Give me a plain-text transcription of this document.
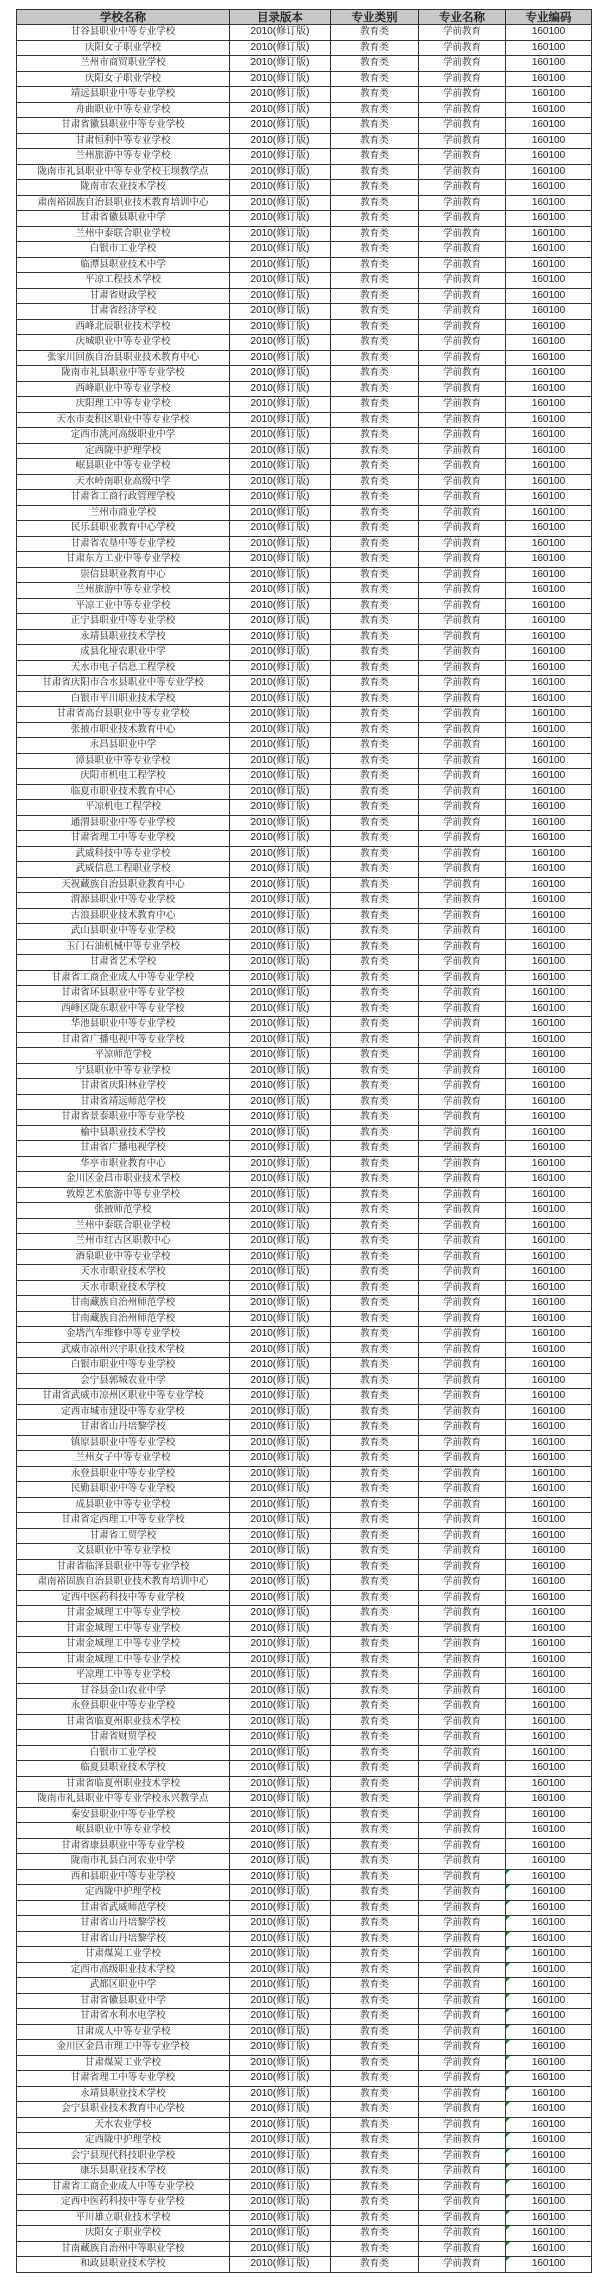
学校名称	目录版本	专业类别	专业名称	专业编码
甘谷县职业中等专业学校	2010(修订版)	教育类	学前教育	160100
庆阳女子职业学校	2010(修订版)	教育类	学前教育	160100
兰州市商贸职业学校	2010(修订版)	教育类	学前教育	160100
庆阳女子职业学校	2010(修订版)	教育类	学前教育	160100
靖远县职业中等专业学校	2010(修订版)	教育类	学前教育	160100
舟曲职业中等专业学校	2010(修订版)	教育类	学前教育	160100
甘肃省徽县职业中等专业学校	2010(修订版)	教育类	学前教育	160100
甘肃恒利中等专业学校	2010(修订版)	教育类	学前教育	160100
兰州旅游中等专业学校	2010(修订版)	教育类	学前教育	160100
陇南市礼县职业中等专业学校王坝教学点	2010(修订版)	教育类	学前教育	160100
陇南市农业技术学校	2010(修订版)	教育类	学前教育	160100
肃南裕固族自治县职业技术教育培训中心	2010(修订版)	教育类	学前教育	160100
甘肃省徽县职业中学	2010(修订版)	教育类	学前教育	160100
兰州中泰联合职业学校	2010(修订版)	教育类	学前教育	160100
白银市工业学校	2010(修订版)	教育类	学前教育	160100
临潭县职业技术中学	2010(修订版)	教育类	学前教育	160100
平凉工程技术学校	2010(修订版)	教育类	学前教育	160100
甘肃省财政学校	2010(修订版)	教育类	学前教育	160100
甘肃省经济学校	2010(修订版)	教育类	学前教育	160100
西峰北辰职业技术学校	2010(修订版)	教育类	学前教育	160100
庆城职业中等专业学校	2010(修订版)	教育类	学前教育	160100
张家川回族自治县职业技术教育中心	2010(修订版)	教育类	学前教育	160100
陇南市礼县职业中等专业学校	2010(修订版)	教育类	学前教育	160100
西峰职业中等专业学校	2010(修订版)	教育类	学前教育	160100
庆阳理工中等专业学校	2010(修订版)	教育类	学前教育	160100
天水市麦积区职业中等专业学校	2010(修订版)	教育类	学前教育	160100
定西市洮河高级职业中学	2010(修订版)	教育类	学前教育	160100
定西陇中护理学校	2010(修订版)	教育类	学前教育	160100
岷县职业中等专业学校	2010(修订版)	教育类	学前教育	160100
天水岭南职业高级中学	2010(修订版)	教育类	学前教育	160100
甘肃省工商行政管理学校	2010(修订版)	教育类	学前教育	160100
兰州市商业学校	2010(修订版)	教育类	学前教育	160100
民乐县职业教育中心学校	2010(修订版)	教育类	学前教育	160100
甘肃省农垦中等专业学校	2010(修订版)	教育类	学前教育	160100
甘肃东方工业中等专业学校	2010(修订版)	教育类	学前教育	160100
崇信县职业教育中心	2010(修订版)	教育类	学前教育	160100
兰州旅游中等专业学校	2010(修订版)	教育类	学前教育	160100
平凉工业中等专业学校	2010(修订版)	教育类	学前教育	160100
正宁县职业中等专业学校	2010(修订版)	教育类	学前教育	160100
永靖县职业技术学校	2010(修订版)	教育类	学前教育	160100
成县化垭农职业中学	2010(修订版)	教育类	学前教育	160100
天水市电子信息工程学校	2010(修订版)	教育类	学前教育	160100
甘肃省庆阳市合水县职业中等专业学校	2010(修订版)	教育类	学前教育	160100
白银市平川职业技术学校	2010(修订版)	教育类	学前教育	160100
甘肃省高台县职业中等专业学校	2010(修订版)	教育类	学前教育	160100
张掖市职业技术教育中心	2010(修订版)	教育类	学前教育	160100
永昌县职业中学	2010(修订版)	教育类	学前教育	160100
漳县职业中等专业学校	2010(修订版)	教育类	学前教育	160100
庆阳市机电工程学校	2010(修订版)	教育类	学前教育	160100
临夏市职业技术教育中心	2010(修订版)	教育类	学前教育	160100
平凉机电工程学校	2010(修订版)	教育类	学前教育	160100
通渭县职业中等专业学校	2010(修订版)	教育类	学前教育	160100
甘肃省理工中等专业学校	2010(修订版)	教育类	学前教育	160100
武威科技中等专业学校	2010(修订版)	教育类	学前教育	160100
武威信息工程职业学校	2010(修订版)	教育类	学前教育	160100
天祝藏族自治县职业教育中心	2010(修订版)	教育类	学前教育	160100
渭源县职业中等专业学校	2010(修订版)	教育类	学前教育	160100
古浪县职业技术教育中心	2010(修订版)	教育类	学前教育	160100
武山县职业中等专业学校	2010(修订版)	教育类	学前教育	160100
玉门石油机械中等专业学校	2010(修订版)	教育类	学前教育	160100
甘肃省艺术学校	2010(修订版)	教育类	学前教育	160100
甘肃省工商企业成人中等专业学校	2010(修订版)	教育类	学前教育	160100
甘肃省环县职业中等专业学校	2010(修订版)	教育类	学前教育	160100
西峰区陇东职业中等专业学校	2010(修订版)	教育类	学前教育	160100
华池县职业中等专业学校	2010(修订版)	教育类	学前教育	160100
甘肃省广播电视中等专业学校	2010(修订版)	教育类	学前教育	160100
平凉师范学校	2010(修订版)	教育类	学前教育	160100
宁县职业中等专业学校	2010(修订版)	教育类	学前教育	160100
甘肃省庆阳林业学校	2010(修订版)	教育类	学前教育	160100
甘肃省靖远师范学校	2010(修订版)	教育类	学前教育	160100
甘肃省景泰职业中等专业学校	2010(修订版)	教育类	学前教育	160100
榆中县职业技术学校	2010(修订版)	教育类	学前教育	160100
甘肃省广播电视学校	2010(修订版)	教育类	学前教育	160100
华亭市职业教育中心	2010(修订版)	教育类	学前教育	160100
金川区金昌市职业技术学校	2010(修订版)	教育类	学前教育	160100
敦煌艺术旅游中等专业学校	2010(修订版)	教育类	学前教育	160100
张掖师范学校	2010(修订版)	教育类	学前教育	160100
兰州中泰联合职业学校	2010(修订版)	教育类	学前教育	160100
兰州市红古区职教中心	2010(修订版)	教育类	学前教育	160100
酒泉职业中等专业学校	2010(修订版)	教育类	学前教育	160100
天水市职业技术学校	2010(修订版)	教育类	学前教育	160100
天水市职业技术学校	2010(修订版)	教育类	学前教育	160100
甘南藏族自治州师范学校	2010(修订版)	教育类	学前教育	160100
甘南藏族自治州师范学校	2010(修订版)	教育类	学前教育	160100
金塔汽车维修中等专业学校	2010(修订版)	教育类	学前教育	160100
武威市凉州兴宇职业技术学校	2010(修订版)	教育类	学前教育	160100
白银市职业中等专业学校	2010(修订版)	教育类	学前教育	160100
会宁县郭城农业中学	2010(修订版)	教育类	学前教育	160100
甘肃省武威市凉州区职业中等专业学校	2010(修订版)	教育类	学前教育	160100
定西市城市建设中等专业学校	2010(修订版)	教育类	学前教育	160100
甘肃省山丹培黎学校	2010(修订版)	教育类	学前教育	160100
镇原县职业中等专业学校	2010(修订版)	教育类	学前教育	160100
兰州女子中等专业学校	2010(修订版)	教育类	学前教育	160100
永登县职业中等专业学校	2010(修订版)	教育类	学前教育	160100
民勤县职业中等专业学校	2010(修订版)	教育类	学前教育	160100
成县职业中等专业学校	2010(修订版)	教育类	学前教育	160100
甘肃省定西理工中等专业学校	2010(修订版)	教育类	学前教育	160100
甘肃省工贸学校	2010(修订版)	教育类	学前教育	160100
文县职业中等专业学校	2010(修订版)	教育类	学前教育	160100
甘肃省临泽县职业中等专业学校	2010(修订版)	教育类	学前教育	160100
肃南裕固族自治县职业技术教育培训中心	2010(修订版)	教育类	学前教育	160100
定西中医药科技中等专业学校	2010(修订版)	教育类	学前教育	160100
甘肃金城理工中等专业学校	2010(修订版)	教育类	学前教育	160100
甘肃金城理工中等专业学校	2010(修订版)	教育类	学前教育	160100
甘肃金城理工中等专业学校	2010(修订版)	教育类	学前教育	160100
甘肃金城理工中等专业学校	2010(修订版)	教育类	学前教育	160100
平凉理工中等专业学校	2010(修订版)	教育类	学前教育	160100
甘谷县金山农业中学	2010(修订版)	教育类	学前教育	160100
永登县职业中等专业学校	2010(修订版)	教育类	学前教育	160100
甘肃省临夏州职业技术学校	2010(修订版)	教育类	学前教育	160100
甘肃省财贸学校	2010(修订版)	教育类	学前教育	160100
白银市工业学校	2010(修订版)	教育类	学前教育	160100
临夏县职业技术学校	2010(修订版)	教育类	学前教育	160100
甘肃省临夏州职业技术学校	2010(修订版)	教育类	学前教育	160100
陇南市礼县职业中等专业学校永兴教学点	2010(修订版)	教育类	学前教育	160100
秦安县职业中等专业学校	2010(修订版)	教育类	学前教育	160100
岷县职业中等专业学校	2010(修订版)	教育类	学前教育	160100
甘肃省康县职业中等专业学校	2010(修订版)	教育类	学前教育	160100
陇南市礼县白河农业中学	2010(修订版)	教育类	学前教育	160100
西和县职业中等专业学校	2010(修订版)	教育类	学前教育	160100
定西陇中护理学校	2010(修订版)	教育类	学前教育	160100
甘肃省武威师范学校	2010(修订版)	教育类	学前教育	160100
甘肃省山丹培黎学校	2010(修订版)	教育类	学前教育	160100
甘肃省山丹培黎学校	2010(修订版)	教育类	学前教育	160100
甘肃煤炭工业学校	2010(修订版)	教育类	学前教育	160100
定西市高级职业技术学校	2010(修订版)	教育类	学前教育	160100
武都区职业中学	2010(修订版)	教育类	学前教育	160100
甘肃省徽县职业中学	2010(修订版)	教育类	学前教育	160100
甘肃省水利水电学校	2010(修订版)	教育类	学前教育	160100
甘肃成人中等专业学校	2010(修订版)	教育类	学前教育	160100
金川区金昌市理工中等专业学校	2010(修订版)	教育类	学前教育	160100
甘肃煤炭工业学校	2010(修订版)	教育类	学前教育	160100
甘肃省理工中等专业学校	2010(修订版)	教育类	学前教育	160100
永靖县职业技术学校	2010(修订版)	教育类	学前教育	160100
会宁县职业技术教育中心学校	2010(修订版)	教育类	学前教育	160100
天水农业学校	2010(修订版)	教育类	学前教育	160100
定西陇中护理学校	2010(修订版)	教育类	学前教育	160100
会宁县现代科技职业学校	2010(修订版)	教育类	学前教育	160100
康乐县职业技术学校	2010(修订版)	教育类	学前教育	160100
甘肃省工商企业成人中等专业学校	2010(修订版)	教育类	学前教育	160100
定西中医药科技中等专业学校	2010(修订版)	教育类	学前教育	160100
平川雄立职业技术学校	2010(修订版)	教育类	学前教育	160100
庆阳女子职业学校	2010(修订版)	教育类	学前教育	160100
甘南藏族自治州中等职业学校	2010(修订版)	教育类	学前教育	160100
和政县职业技术学校	2010(修订版)	教育类	学前教育	160100
